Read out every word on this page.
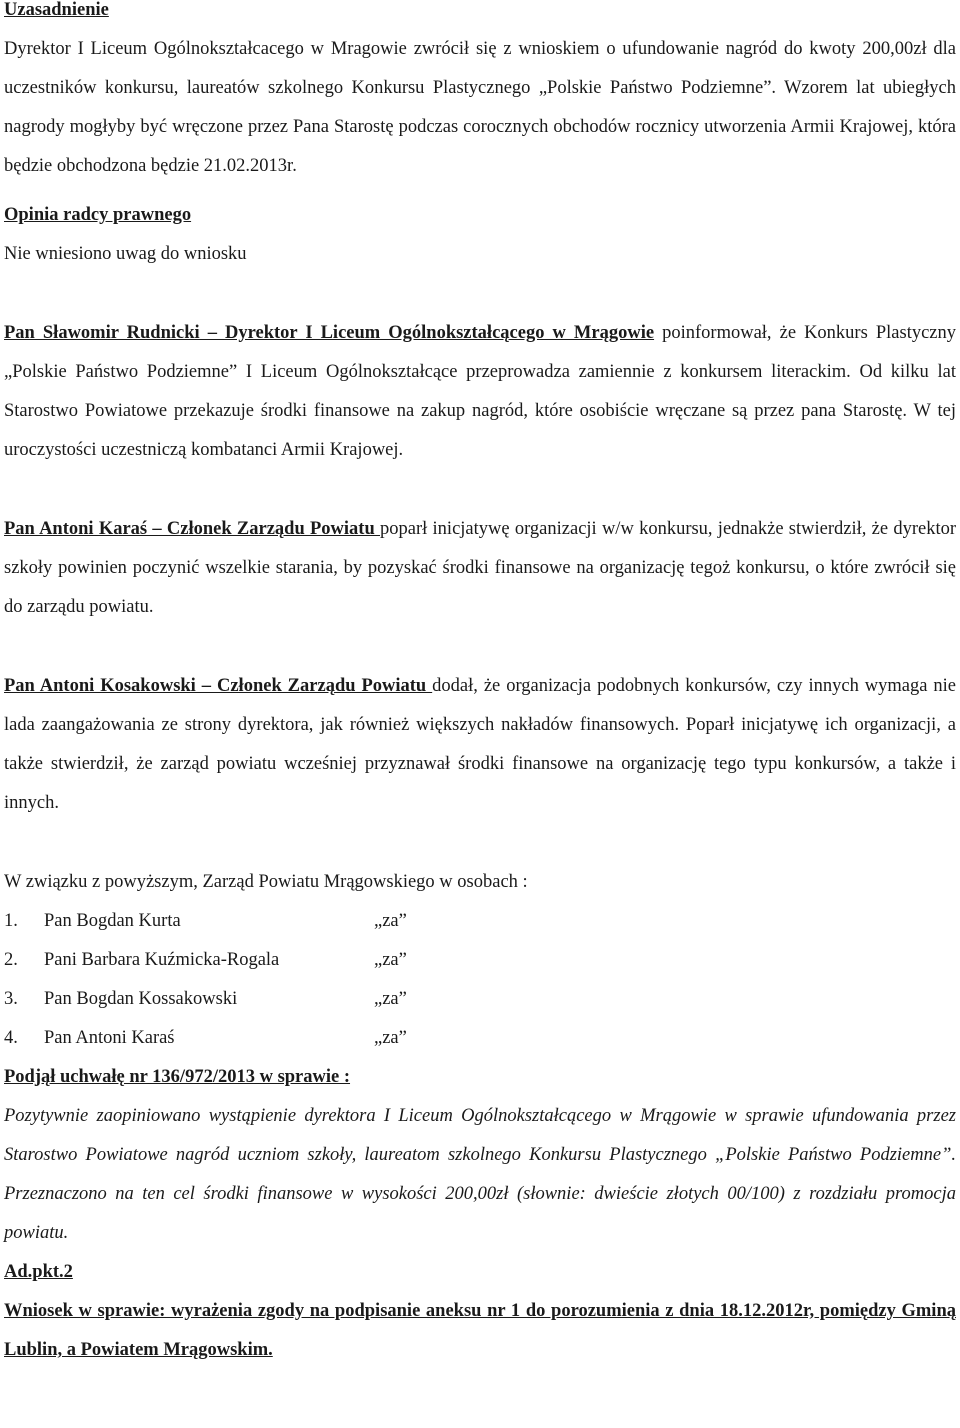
Uzasadnienie

Dyrektor I Liceum Ogólnokształcacego w Mragowie zwrócił się z wnioskiem o ufundowanie nagród do kwoty 200,00zł dla uczestników konkursu, laureatów szkolnego Konkursu Plastycznego „Polskie Państwo Podziemne”. Wzorem lat ubiegłych nagrody mogłyby być wręczone przez Pana Starostę podczas corocznych obchodów rocznicy utworzenia Armii Krajowej, która będzie obchodzona będzie 21.02.2013r.

Opinia radcy prawnego

Nie wniesiono uwag do wniosku

Pan Sławomir Rudnicki – Dyrektor I Liceum Ogólnokształcącego w Mrągowie poinformował, że Konkurs Plastyczny „Polskie Państwo Podziemne” I Liceum Ogólnokształcące przeprowadza zamiennie z konkursem literackim. Od kilku lat Starostwo Powiatowe przekazuje środki finansowe na zakup nagród, które osobiście wręczane są przez pana Starostę. W tej uroczystości uczestniczą kombatanci Armii Krajowej.

Pan Antoni Karaś – Członek Zarządu Powiatu poparł inicjatywę organizacji w/w konkursu, jednakże stwierdził, że dyrektor szkoły powinien poczynić wszelkie starania, by pozyskać środki finansowe na organizację tegoż konkursu, o które zwrócił się do zarządu powiatu.

Pan Antoni Kosakowski – Członek Zarządu Powiatu dodał, że organizacja podobnych konkursów, czy innych wymaga nie lada zaangażowania ze strony dyrektora, jak również większych nakładów finansowych. Poparł inicjatywę ich organizacji, a także stwierdził, że zarząd powiatu wcześniej przyznawał środki finansowe na organizację tego typu konkursów, a także i innych.

W związku z powyższym, Zarząd Powiatu Mrągowskiego w osobach :

1.	Pan Bogdan Kurta	„za”
2.	Pani Barbara Kuźmicka-Rogala	„za”
3.	Pan Bogdan Kossakowski	„za”
4.	Pan Antoni Karaś	„za”

Podjął uchwałę nr 136/972/2013 w sprawie :

Pozytywnie zaopiniowano wystąpienie dyrektora I Liceum Ogólnokształcącego w Mrągowie w sprawie ufundowania przez Starostwo Powiatowe nagród uczniom szkoły, laureatom szkolnego Konkursu Plastycznego „Polskie Państwo Podziemne”. Przeznaczono na ten cel środki finansowe w wysokości 200,00zł (słownie: dwieście złotych 00/100) z rozdziału promocja powiatu.

Ad.pkt.2

Wniosek w sprawie: wyrażenia zgody na podpisanie aneksu nr 1 do porozumienia z dnia 18.12.2012r, pomiędzy Gminą Lublin, a Powiatem Mrągowskim.
